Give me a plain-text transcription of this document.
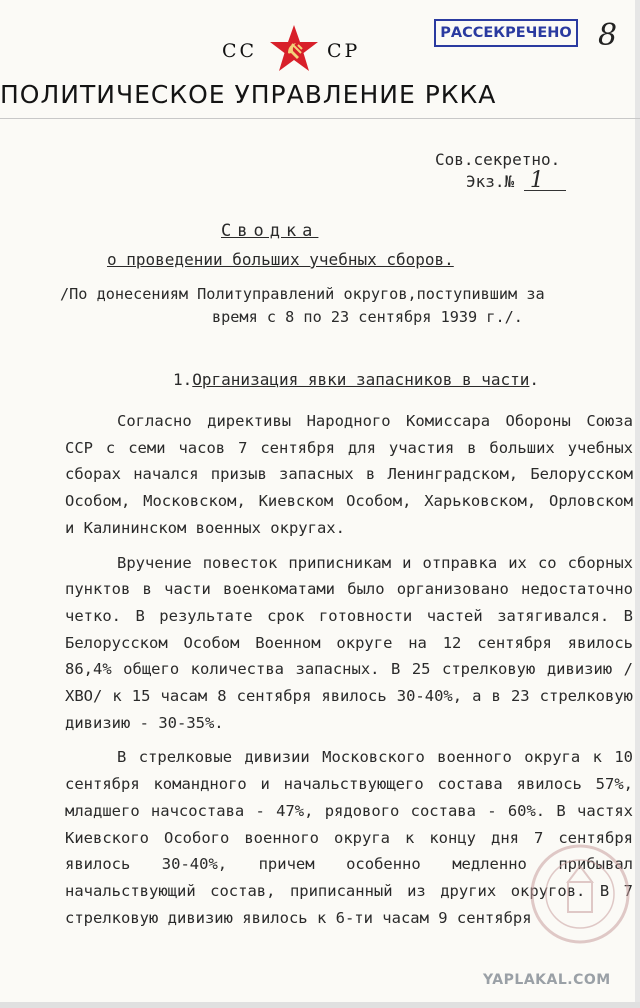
СС	СР
РАССЕКРЕЧЕНО 8
ПОЛИТИЧЕСКОЕ УПРАВЛЕНИЕ РККА
Сов.секретно.
Экз.№ 1
Сводка
о проведении больших учебных сборов.
/По донесениям Политуправлений округов,поступившим за
время с 8 по 23 сентября 1939 г./.
1.Организация явки запасников в части.

Согласно директивы Народного Комиссара Обороны Союза ССР с семи часов 7 сентября для участия в больших учебных сборах начался призыв запасных в Ленинградском, Белорусском Особом, Московском, Киевском Особом, Харьковском, Орловском и Калининском военных округах.

Вручение повесток приписникам и отправка их со сборных пунктов в части военкоматами было организовано недостаточно четко. В результате срок готовности частей затягивался. В Белорусском Особом Военном округе на 12 сентября явилось 86,4% общего количества запасных. В 25 стрелковую дивизию /ХВО/ к 15 часам 8 сентября явилось 30-40%, а в 23 стрелковую дивизию - 30-35%.

В стрелковые дивизии Московского военного округа к 10 сентября командного и начальствующего состава явилось 57%, младшего начсостава - 47%, рядового состава - 60%. В частях Киевского Особого военного округа к концу дня 7 сентября явилось 30-40%, причем особенно медленно прибывал начальствующий состав, приписанный из других округов. В 7 стрелковую дивизию явилось к 6-ти часам 9 сентября

YAPLAKAL.COM
